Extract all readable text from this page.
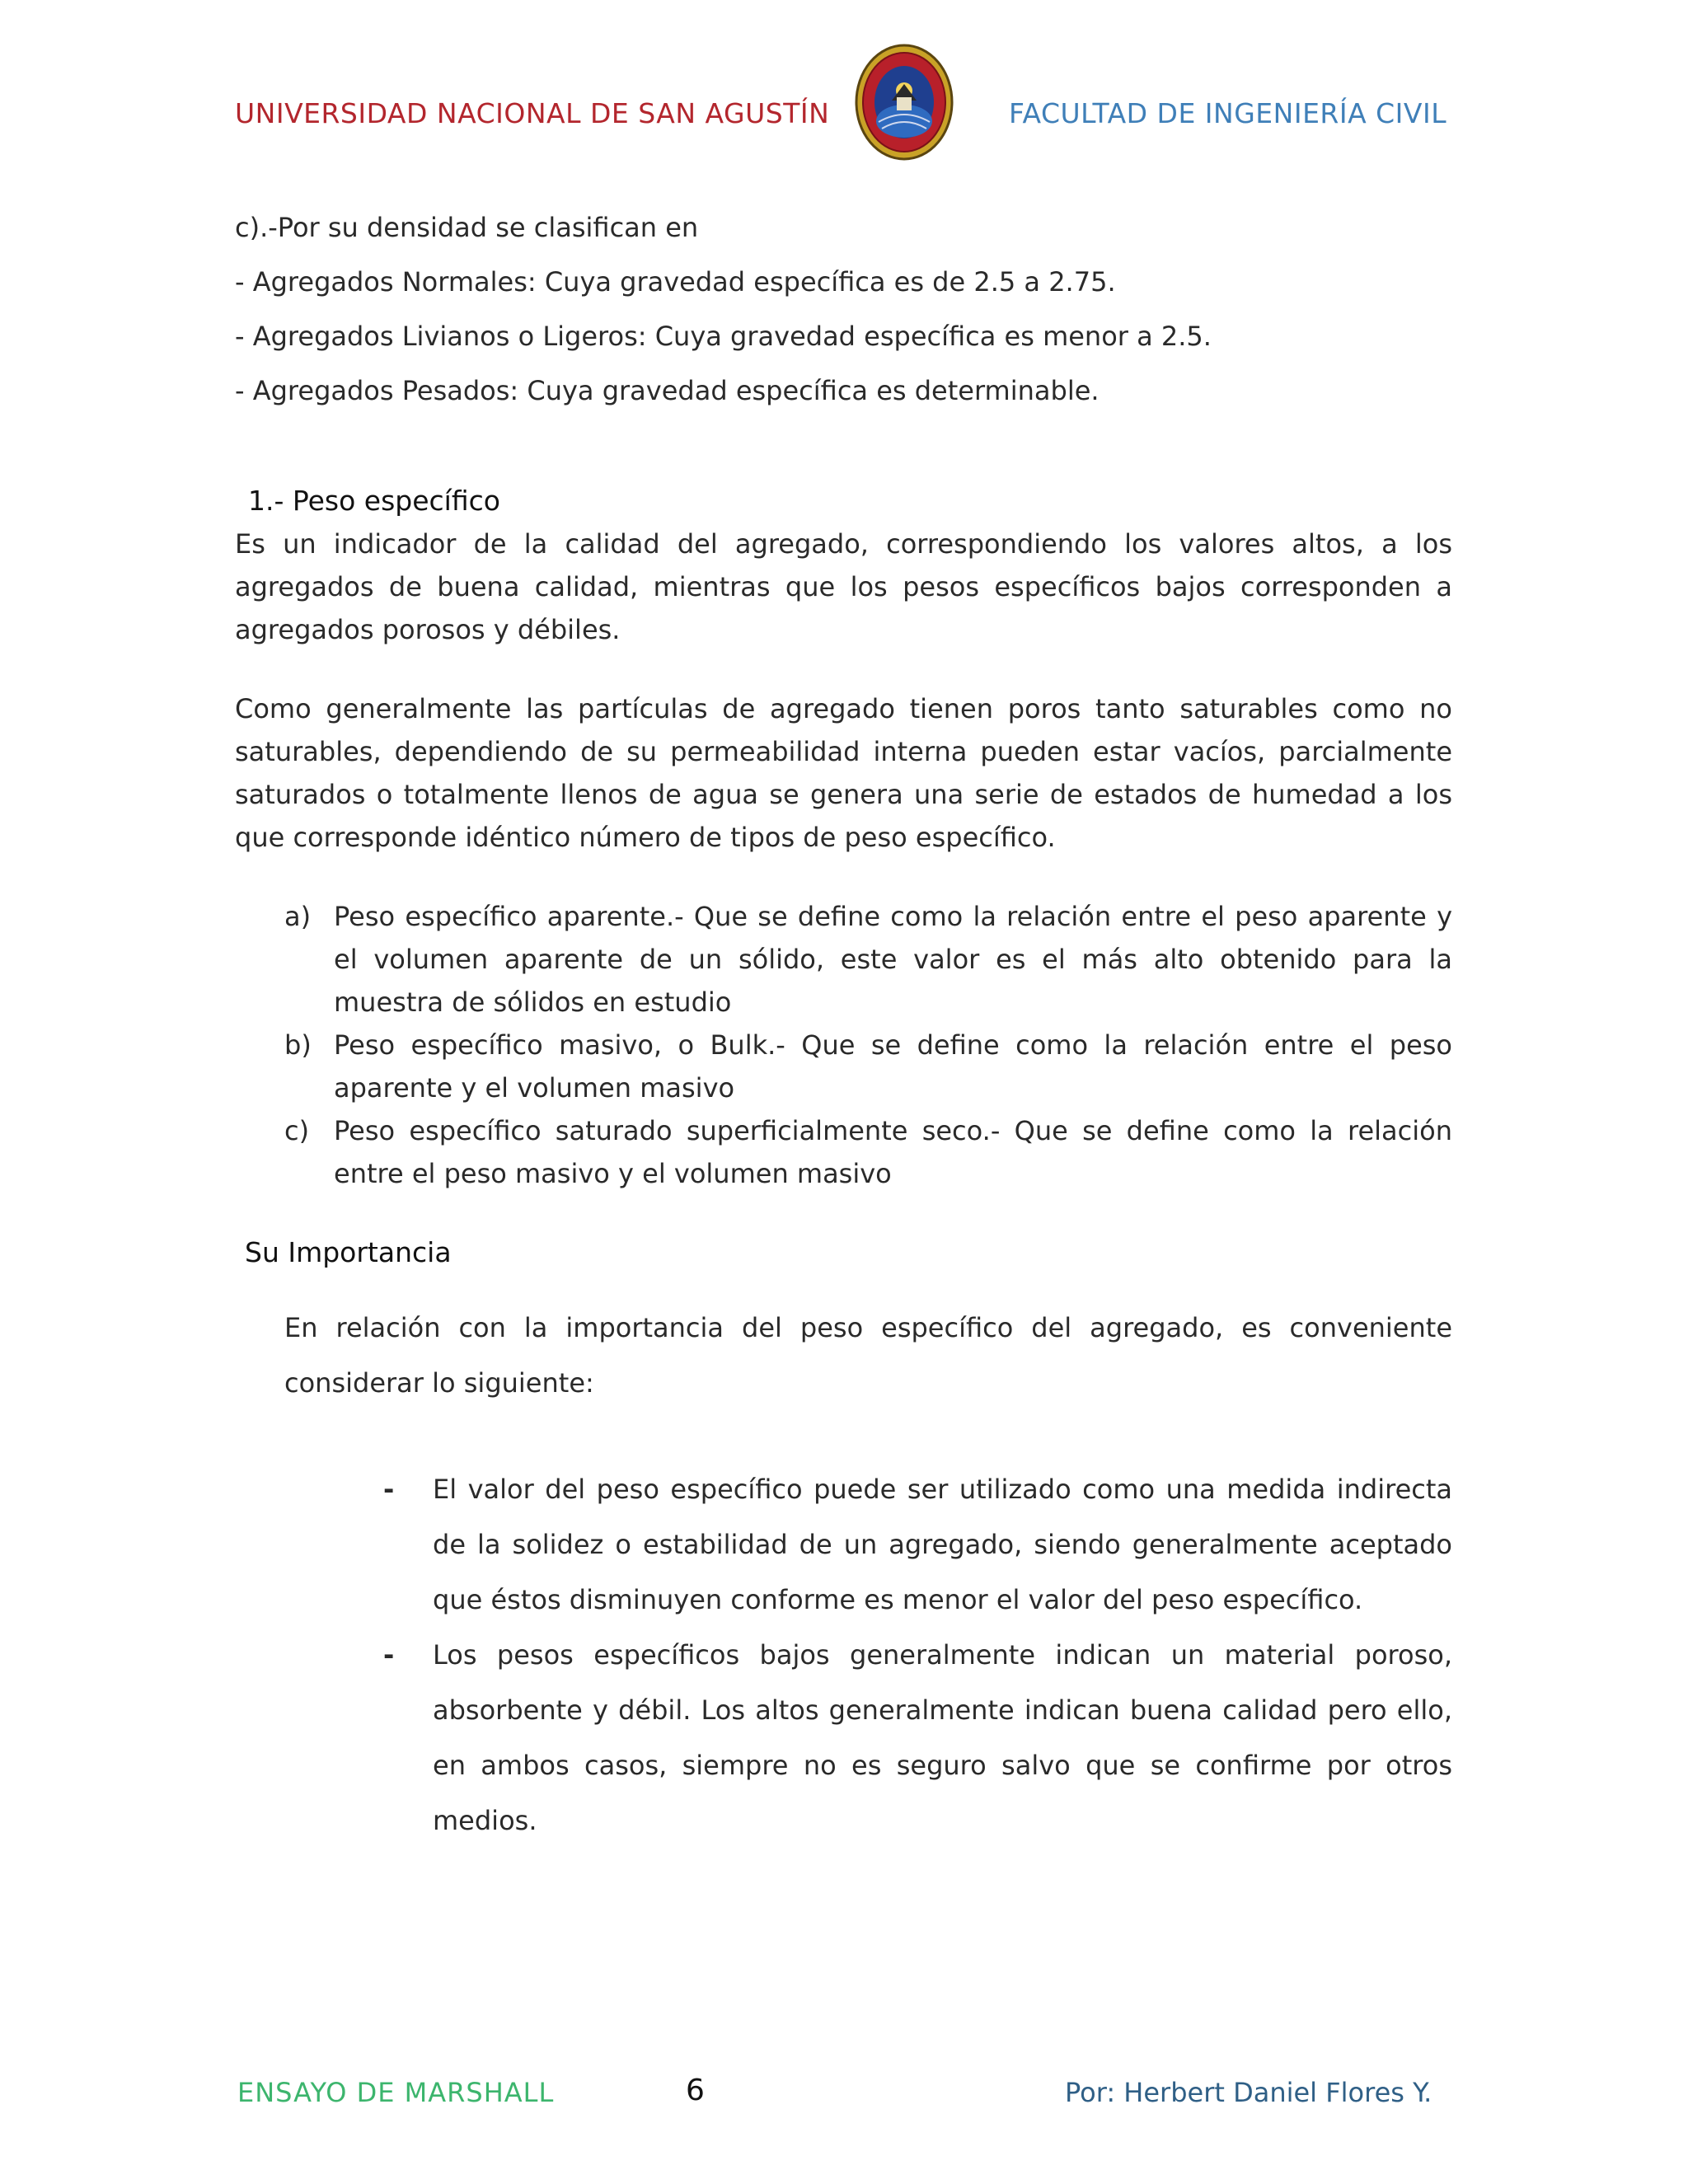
UNIVERSIDAD NACIONAL DE SAN AGUSTÍN	FACULTAD DE INGENIERÍA CIVIL

c).-Por su densidad se clasifican en

- Agregados Normales: Cuya gravedad específica es de 2.5 a 2.75.

- Agregados Livianos o Ligeros: Cuya gravedad específica es menor a 2.5.

- Agregados Pesados: Cuya gravedad específica es determinable.

1.- Peso específico

Es un indicador de la calidad del agregado, correspondiendo los valores altos, a los agregados de buena calidad, mientras que los pesos específicos bajos corresponden a agregados porosos y débiles.

Como generalmente las partículas de agregado tienen poros tanto saturables como no saturables, dependiendo de su permeabilidad interna pueden estar vacíos, parcialmente saturados o totalmente llenos de agua se genera una serie de estados de humedad a los que corresponde idéntico número de tipos de peso específico.

a) Peso específico aparente.- Que se define como la relación entre el peso aparente y el volumen aparente de un sólido, este valor es el más alto obtenido para la muestra de sólidos en estudio
b) Peso específico masivo, o Bulk.- Que se define como la relación entre el peso aparente y el volumen masivo
c) Peso específico saturado superficialmente seco.- Que se define como la relación entre el peso masivo y el volumen masivo

Su Importancia

En relación con la importancia del peso específico del agregado, es conveniente considerar lo siguiente:

-	El valor del peso específico puede ser utilizado como una medida indirecta de la solidez o estabilidad de un agregado, siendo generalmente aceptado que éstos disminuyen conforme es menor el valor del peso específico.
-	Los pesos específicos bajos generalmente indican un material poroso, absorbente y débil. Los altos generalmente indican buena calidad pero ello, en ambos casos, siempre no es seguro salvo que se confirme por otros medios.
ENSAYO DE MARSHALL	6	Por: Herbert Daniel Flores Y.
